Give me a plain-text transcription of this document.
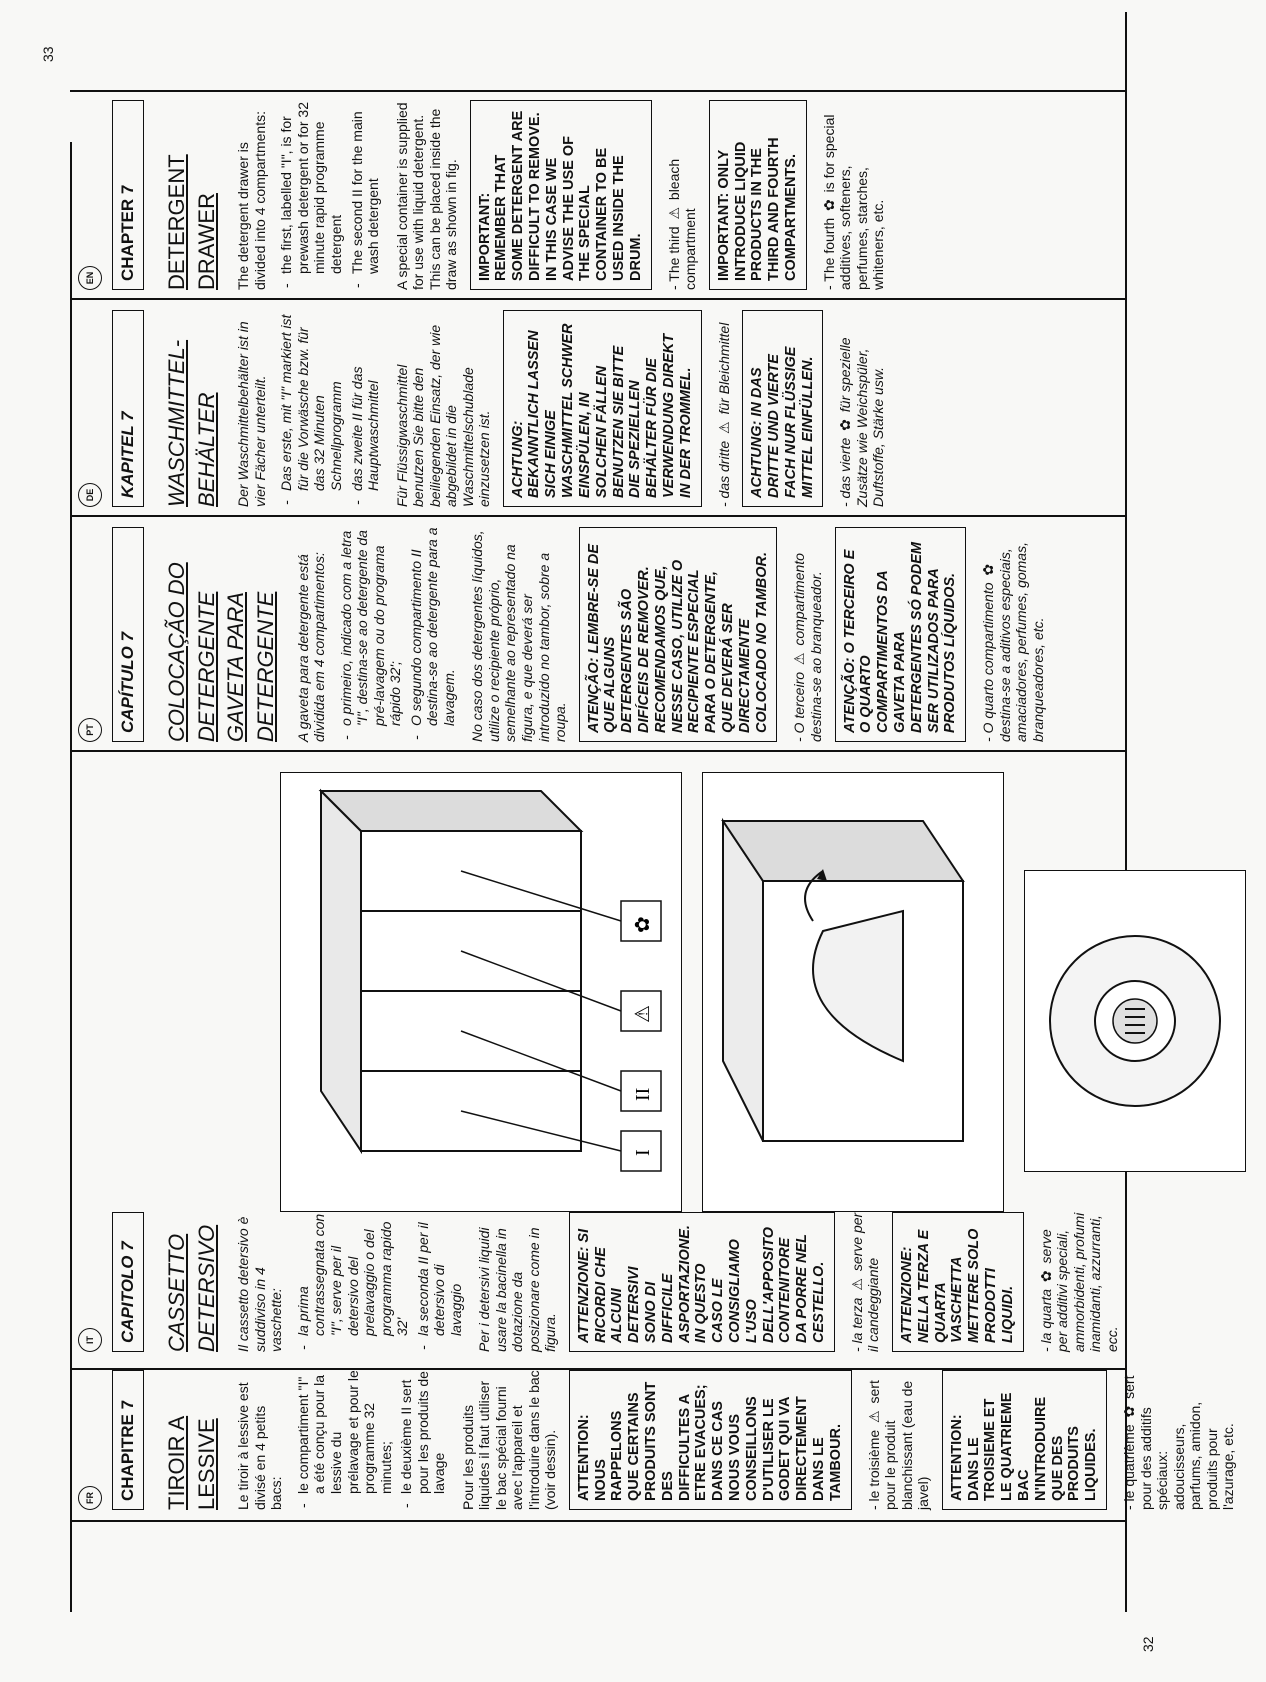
FR	CHAPITRE 7	TIROIR A LESSIVE Le tiroir à lessive est divisé en 4 petits bacs: - le compartiment "I" a été conçu pour la lessive du prélavage et pour le programme 32 minutes; - le deuxième II sert pour les produits de lavage Pour les produits liquides il faut utiliser le bac spécial fourni avec l'appareil et l'introduire dans le bac (voir dessin).	ATTENTION: NOUS RAPPELONS QUE CERTAINS PRODUITS SONT DES DIFFICULTES A ETRE EVACUES; DANS CE CAS NOUS VOUS CONSEILLONS D'UTILISER LE GODET QUI VA DIRECTEMENT DANS LE TAMBOUR.

- le troisième ⚠ sert pour le produit blanchissant (eau de javel)	ATTENTION: DANS LE TROISIEME ET LE QUATRIEME BAC N'INTRODUIRE QUE DES PRODUITS LIQUIDES.

- le quatrième ✿ sert pour des additifs spéciaux: adoucisseurs, parfums, amidon, produits pour l'azurage, etc.

IT	CAPITOLO 7	CASSETTO DETERSIVO Il cassetto detersivo è suddiviso in 4 vaschette: - la prima contrassegnata con "I", serve per il detersivo del prelavaggio o del programma rapido 32' - la seconda II per il detersivo di lavaggio Per i detersivi liquidi usare la bacinella in dotazione da posizionare come in figura.	ATTENZIONE: SI RICORDI CHE ALCUNI DETERSIVI SONO DI DIFFICILE ASPORTAZIONE. IN QUESTO CASO LE CONSIGLIAMO L'USO DELL'APPOSITO CONTENITORE DA PORRE NEL CESTELLO.

- la terza ⚠ serve per il candeggiante	ATTENZIONE: NELLA TERZA E QUARTA VASCHETTA METTERE SOLO PRODOTTI LIQUIDI.

- la quarta ✿ serve per additivi speciali, ammorbidenti, profumi inamidanti, azzurranti, ecc.

I
II
⚠
✿
PT	CAPÍTULO 7	COLOCAÇÃO DO DETERGENTE GAVETA PARA DETERGENTE A gaveta para detergente está dividida em 4 compartimentos: - o primeiro, indicado com a letra "I", destina-se ao detergente da pré-lavagem ou do programa rápido 32'; - O segundo compartimento II destina-se ao detergente para a lavagem. No caso dos detergentes líquidos, utilize o recipiente próprio, semelhante ao representado na figura, e que deverá ser introduzido no tambor, sobre a roupa.	ATENÇÃO: LEMBRE-SE DE QUE ALGUNS DETERGENTES SÃO DIFÍCEIS DE REMOVER. RECOMENDAMOS QUE, NESSE CASO, UTILIZE O RECIPIENTE ESPECIAL PARA O DETERGENTE, QUE DEVERÁ SER DIRECTAMENTE COLOCADO NO TAMBOR.

- O terceiro ⚠ compartimento destina-se ao branqueador.	ATENÇÃO: O TERCEIRO E O QUARTO COMPARTIMENTOS DA GAVETA PARA DETERGENTES SÓ PODEM SER UTILIZADOS PARA PRODUTOS LÍQUIDOS.

- O quarto compartimento ✿ destina-se a aditivos especiais, amaciadores, perfumes, gomas, branqueadores, etc.

DE	KAPITEL 7	WASCHMITTEL-BEHÄLTER Der Waschmittelbehälter ist in vier Fächer unterteilt. - Das erste, mit "I" markiert ist für die Vorwäsche bzw. für das 32 Minuten Schnellprogramm - das zweite II für das Hauptwaschmittel Für Flüssigwaschmittel benutzen Sie bitte den beiliegenden Einsatz, der wie abgebildet in die Waschmittelschublade einzusetzen ist.	ACHTUNG: BEKANNTLICH LASSEN SICH EINIGE WASCHMITTEL SCHWER EINSPÜLEN, IN SOLCHEN FÄLLEN BENUTZEN SIE BITTE DIE SPEZIELLEN BEHÄLTER FÜR DIE VERWENDUNG DIREKT IN DER TROMMEL.

- das dritte ⚠ für Bleichmittel	ACHTUNG: IN DAS DRITTE UND VIERTE FACH NUR FLÜSSIGE MITTEL EINFÜLLEN.

- das vierte ✿ für spezielle Zusätze wie Weichspüler, Duftstoffe, Stärke usw.

EN	CHAPTER 7	DETERGENT DRAWER The detergent drawer is divided into 4 compartments: - the first, labelled "I", is for prewash detergent or for 32 minute rapid programme detergent - The second II for the main wash detergent A special container is supplied for use with liquid detergent. This can be placed inside the draw as shown in fig.	IMPORTANT: REMEMBER THAT SOME DETERGENT ARE DIFFICULT TO REMOVE. IN THIS CASE WE ADVISE THE USE OF THE SPECIAL CONTAINER TO BE USED INSIDE THE DRUM.

- The third ⚠ bleach compartment	IMPORTANT: ONLY INTRODUCE LIQUID PRODUCTS IN THE THIRD AND FOURTH COMPARTMENTS.

- The fourth ✿ is for special additives, softeners, perfumes, starches, whiteners, etc.

32
33
